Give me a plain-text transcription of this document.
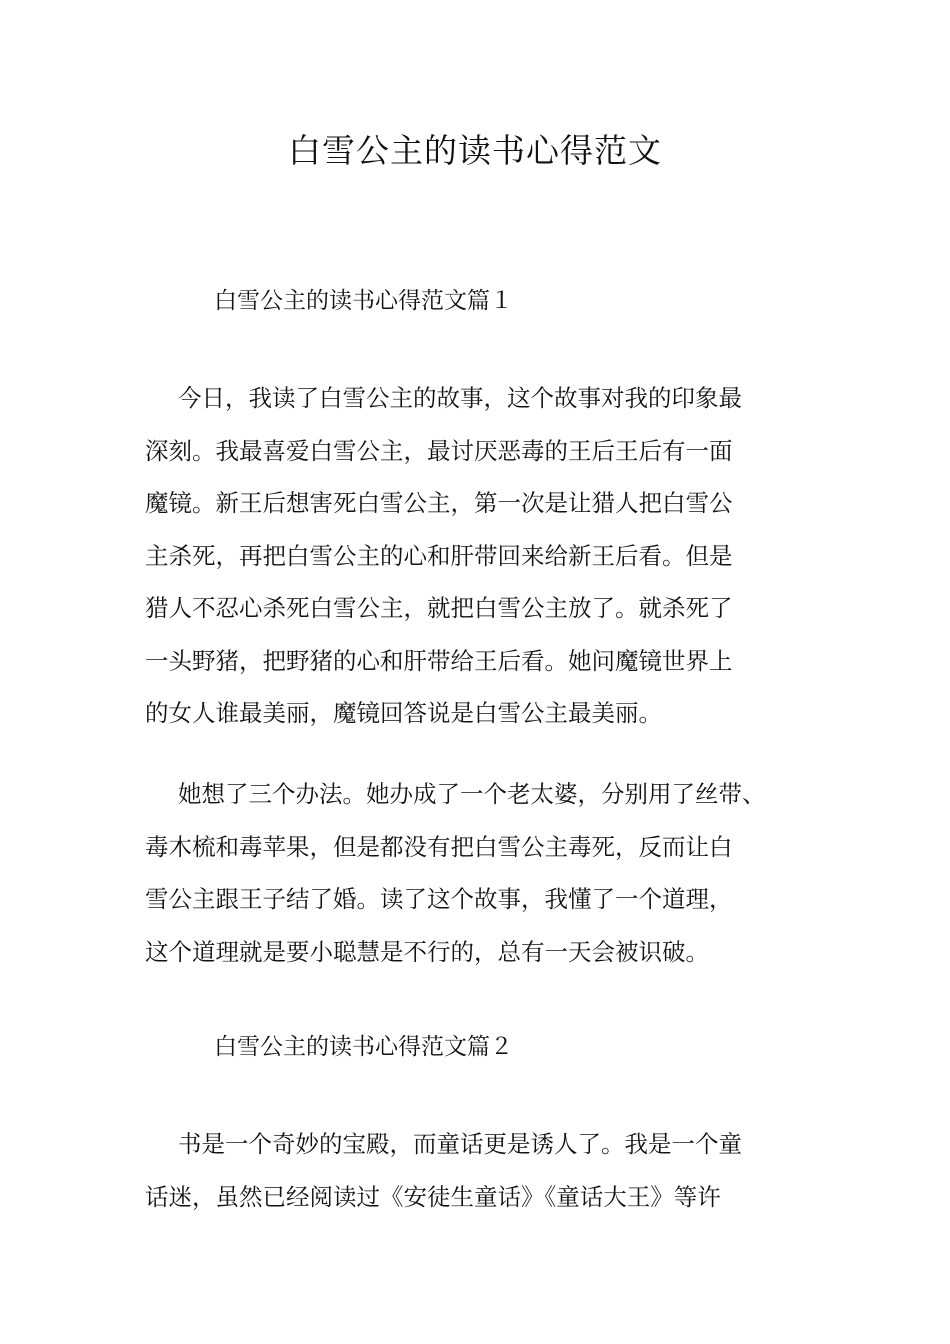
白雪公主的读书心得范文
白雪公主的读书心得范文篇１

今日，我读了白雪公主的故事，这个故事对我的印象最
深刻。我最喜爱白雪公主，最讨厌恶毒的王后王后有一面
魔镜。新王后想害死白雪公主，第一次是让猎人把白雪公
主杀死，再把白雪公主的心和肝带回来给新王后看。但是
猎人不忍心杀死白雪公主，就把白雪公主放了。就杀死了
一头野猪，把野猪的心和肝带给王后看。她问魔镜世界上
的女人谁最美丽，魔镜回答说是白雪公主最美丽。

她想了三个办法。她办成了一个老太婆，分别用了丝带、
毒木梳和毒苹果，但是都没有把白雪公主毒死，反而让白
雪公主跟王子结了婚。读了这个故事，我懂了一个道理，
这个道理就是要小聪慧是不行的，总有一天会被识破。

白雪公主的读书心得范文篇２

书是一个奇妙的宝殿，而童话更是诱人了。我是一个童
话迷，虽然已经阅读过《安徒生童话》《童话大王》等许
